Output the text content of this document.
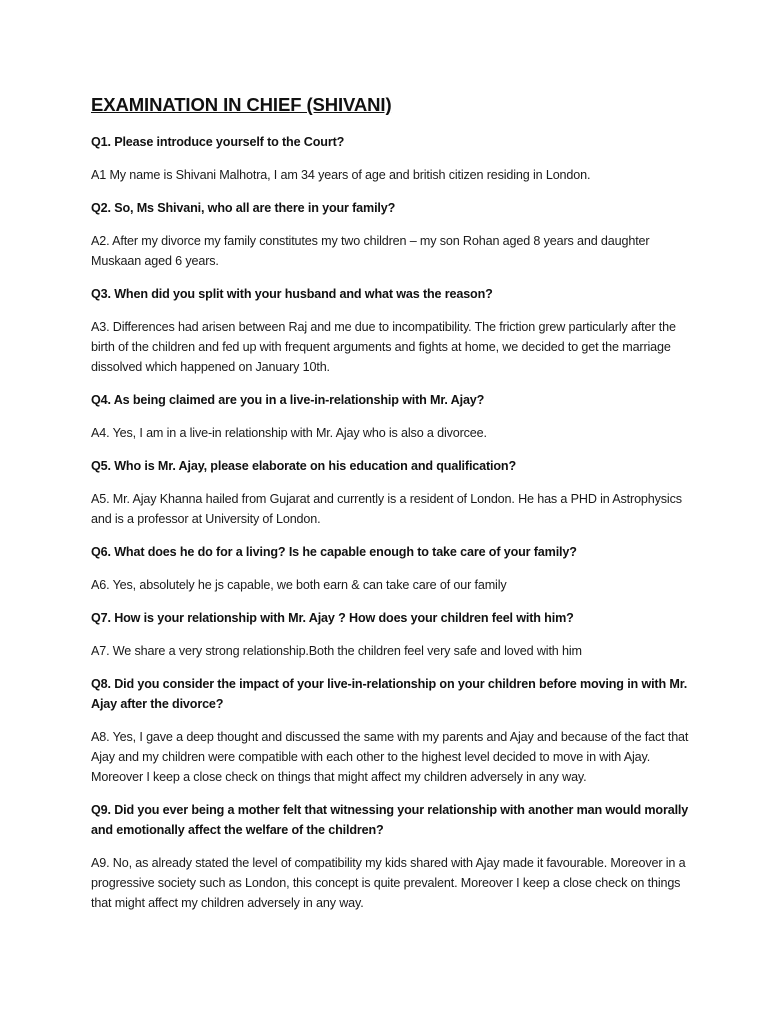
EXAMINATION IN CHIEF (SHIVANI)

Q1. Please introduce yourself to the Court?

A1 My name is Shivani Malhotra, I am 34 years of age and british citizen residing in London.

Q2. So, Ms Shivani, who all are there in your family?

A2. After my divorce my family constitutes my two children – my son Rohan aged 8 years and daughter Muskaan aged 6 years.

Q3. When did you split with your husband and what was the reason?

A3. Differences had arisen between Raj and me due to incompatibility. The friction grew particularly after the birth of the children and fed up with frequent arguments and fights at home, we decided to get the marriage dissolved which happened on January 10th.

Q4. As being claimed are you in a live-in-relationship with Mr. Ajay?

A4. Yes, I am in a live-in relationship with Mr. Ajay who is also a divorcee.

Q5. Who is Mr. Ajay, please elaborate on his education and qualification?

A5. Mr. Ajay Khanna hailed from Gujarat and currently is a resident of London. He has a PHD in Astrophysics and is a professor at University of London.

Q6. What does he do for a living? Is he capable enough to take care of your family?

A6. Yes, absolutely he js capable, we both earn & can take care of our family

Q7. How is your relationship with Mr. Ajay ? How does your children feel with him?

A7. We share a very strong relationship.Both the children feel very safe and loved with him

Q8. Did you consider the impact of your live-in-relationship on your children before moving in with Mr. Ajay after the divorce?

A8. Yes, I gave a deep thought and discussed the same with my parents and Ajay and because of the fact that Ajay and my children were compatible with each other to the highest level decided to move in with Ajay. Moreover I keep a close check on things that might affect my children adversely in any way.

Q9. Did you ever being a mother felt that witnessing your relationship with another man would morally and emotionally affect the welfare of the children?

A9. No, as already stated the level of compatibility my kids shared with Ajay made it favourable. Moreover in a progressive society such as London, this concept is quite prevalent. Moreover I keep a close check on things that might affect my children adversely in any way.
